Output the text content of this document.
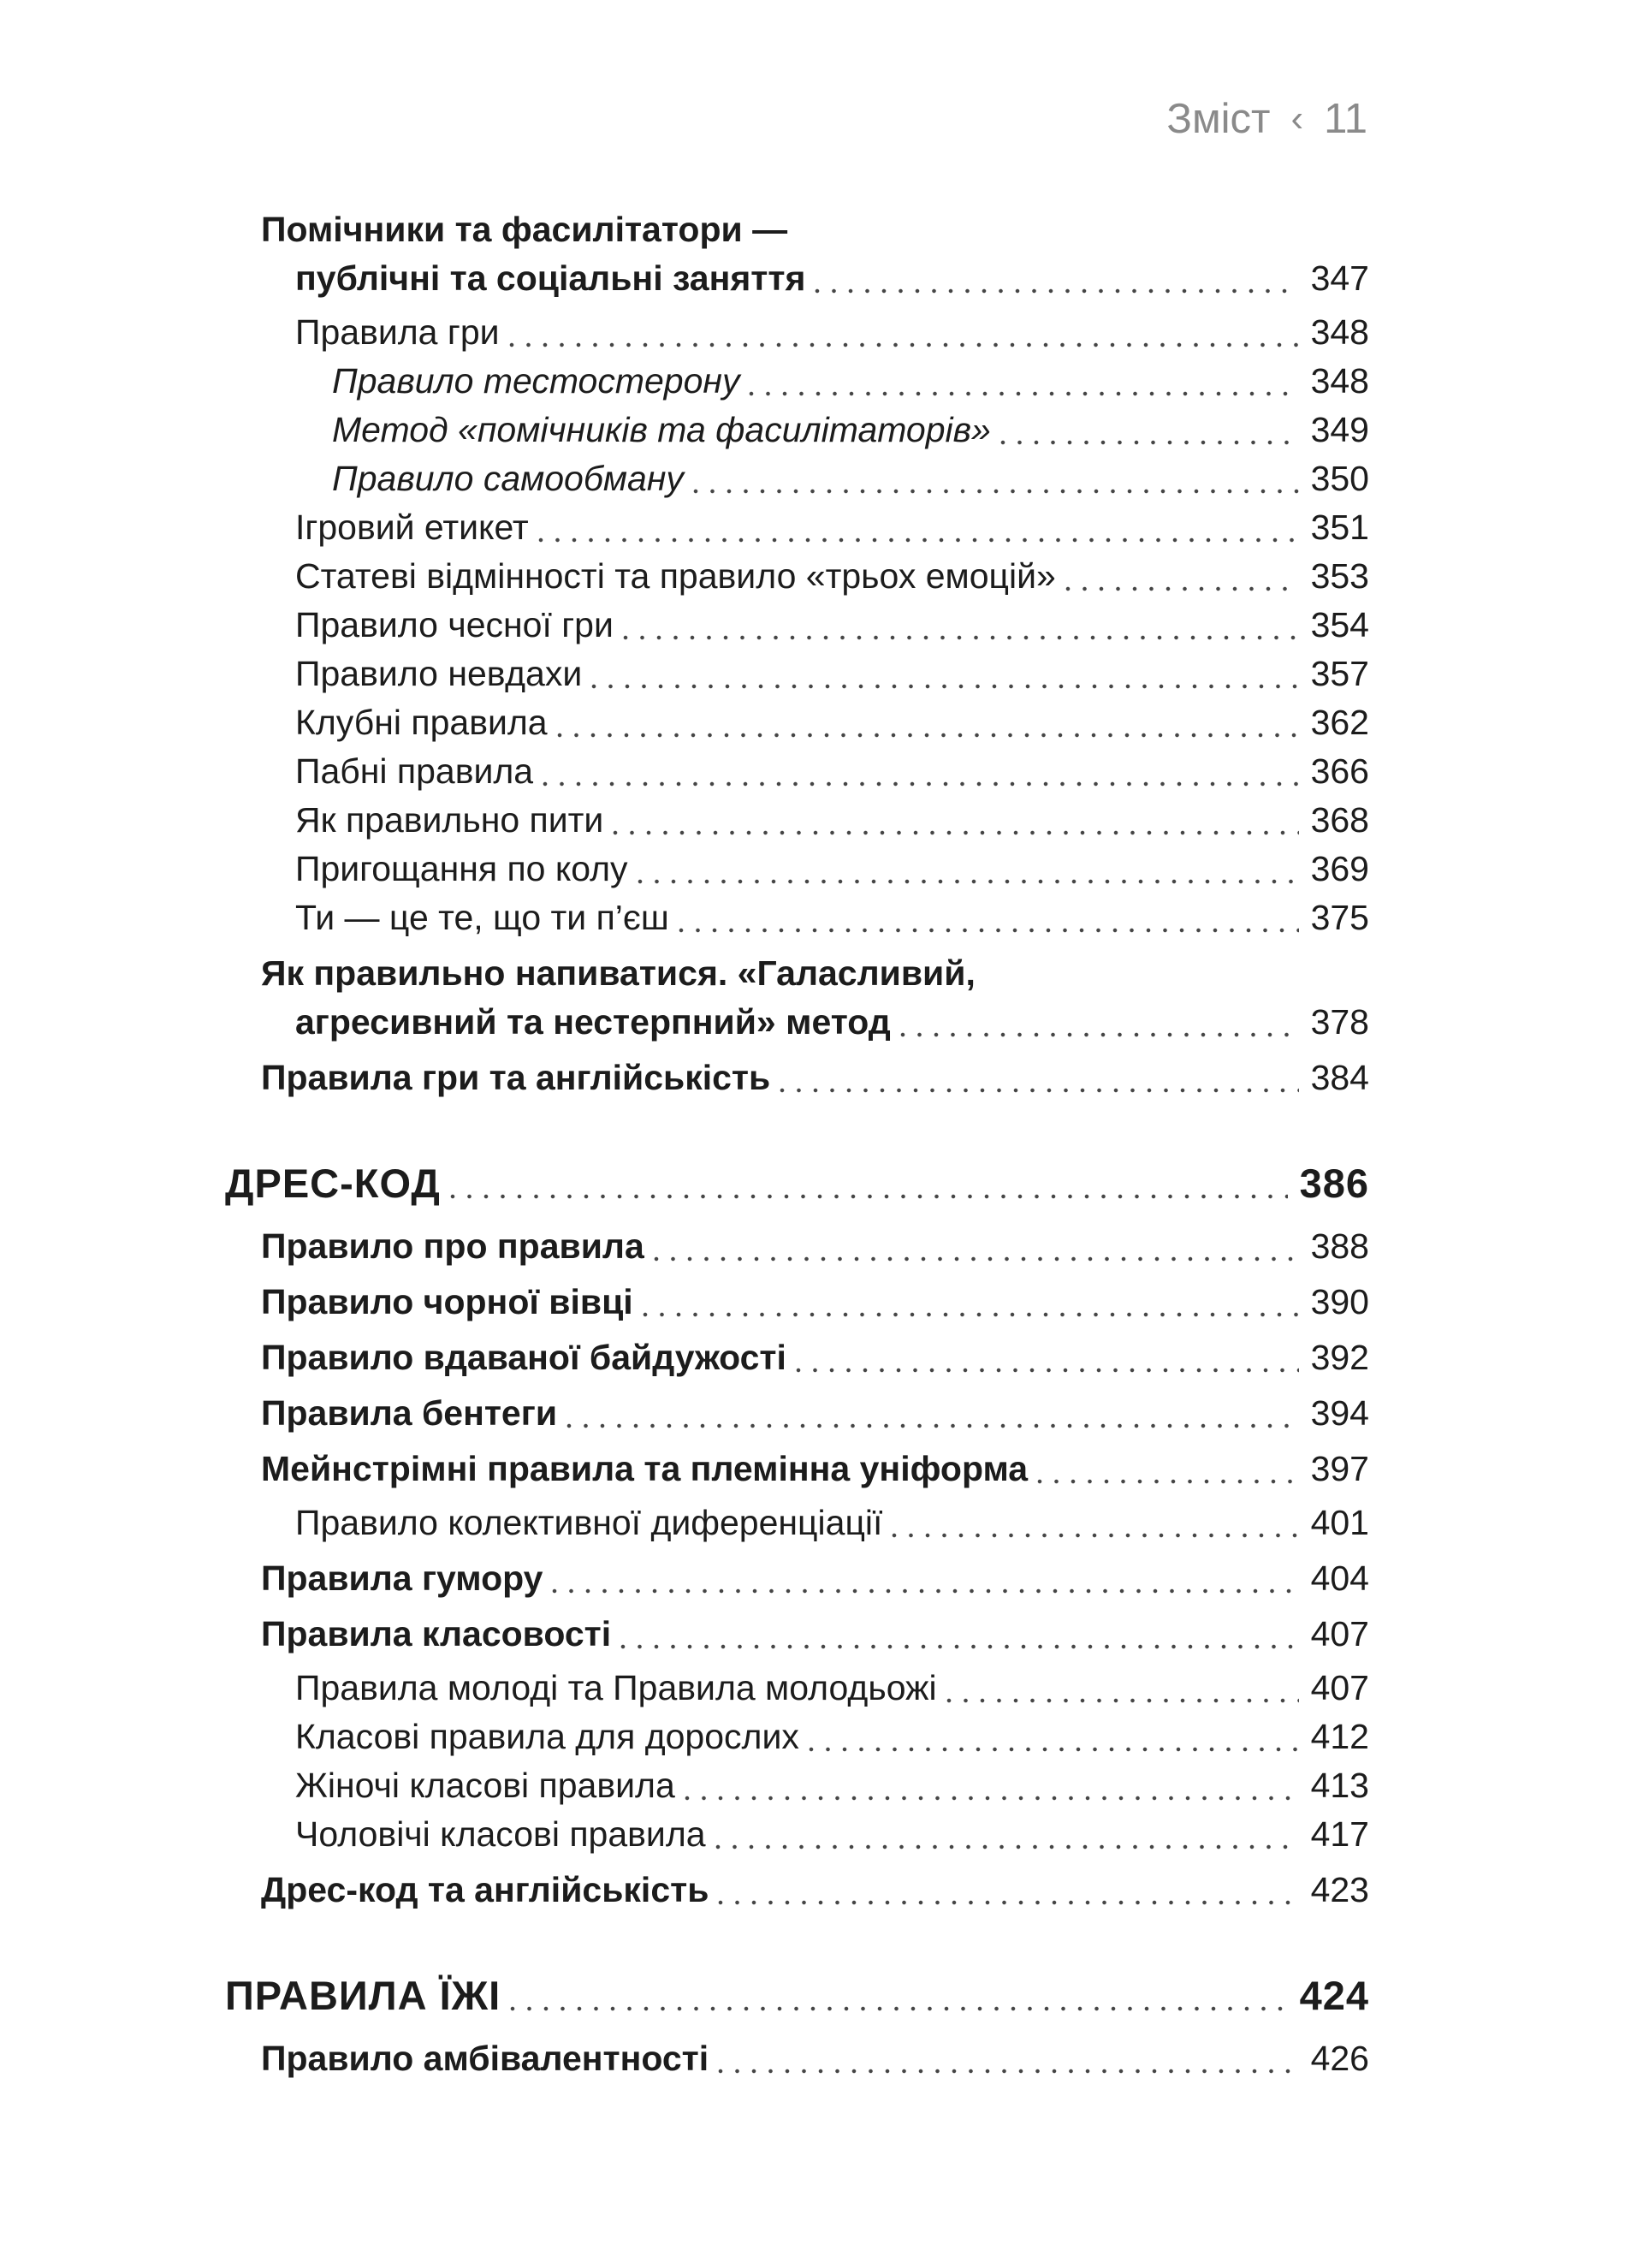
Зміст ‹ 11
Помічники та фасилітатори —
публічні та соціальні заняття	347
Правила гри	348
Правило тестостерону	348
Метод «помічників та фасилітаторів»	349
Правило самообману	350
Ігровий етикет	351
Статеві відмінності та правило «трьох емоцій»	353
Правило чесної гри	354
Правило невдахи	357
Клубні правила	362
Пабні правила	366
Як правильно пити	368
Пригощання по колу	369
Ти — це те, що ти п’єш	375
Як правильно напиватися. «Галасливий,
агресивний та нестерпний» метод	378
Правила гри та англійськість	384
ДРЕС-КОД	386
Правило про правила	388
Правило чорної вівці	390
Правило вдаваної байдужості	392
Правила бентеги	394
Мейнстрімні правила та племінна уніформа	397
Правило колективної диференціації	401
Правила гумору	404
Правила класовості	407
Правила молоді та Правила молодьожі	407
Класові правила для дорослих	412
Жіночі класові правила	413
Чоловічі класові правила	417
Дрес-код та англійськість	423
ПРАВИЛА ЇЖІ	424
Правило амбівалентності	426
